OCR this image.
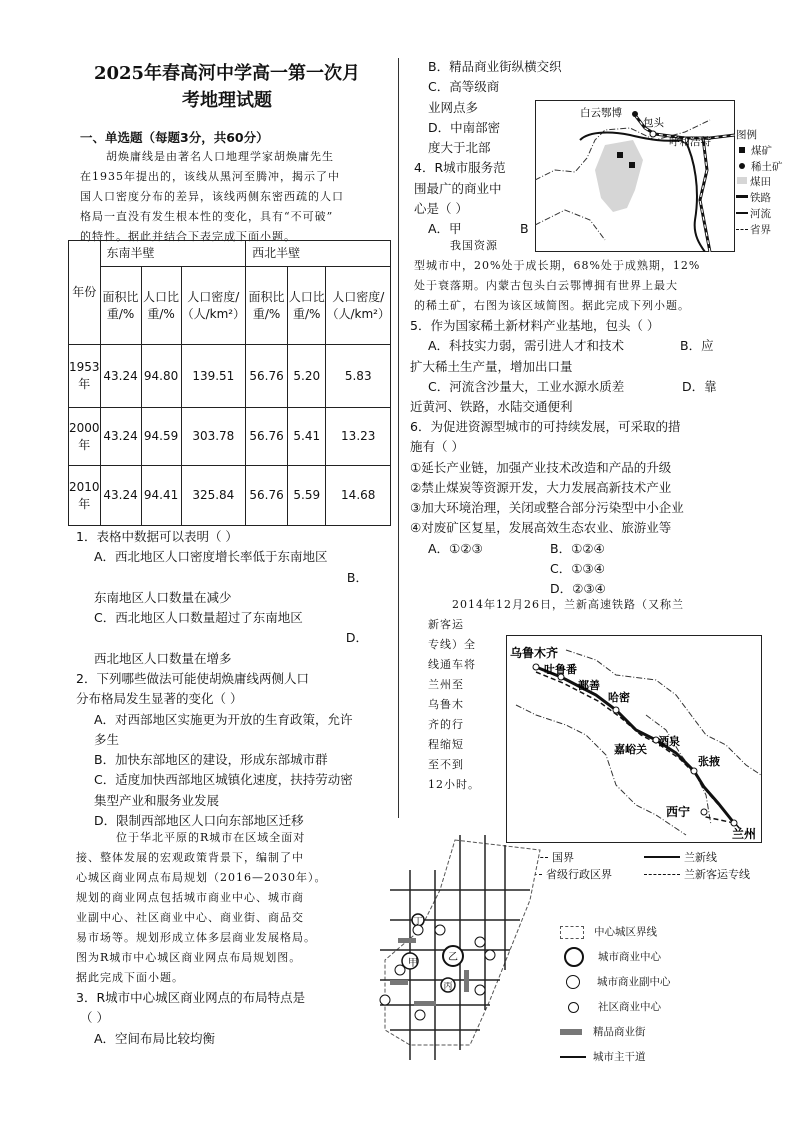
2025年春高河中学高一第一次月
考地理试题
一、单选题（每题3分，共60分）
胡焕庸线是由著名人口地理学家胡焕庸先生
在1935年提出的，该线从黑河至腾冲，揭示了中
国人口密度分布的差异，该线两侧东密西疏的人口
格局一直没有发生根本性的变化，具有“不可破”
的特性。据此并结合下表完成下面小题。
年份	东南半壁			西北半壁		
	面积比重/%	人口比重/%	人口密度/（人/km²）	面积比重/%	人口比重/%	人口密度/（人/km²）
1953年	43.24	94.80	139.51	56.76	5.20	5.83
2000年	43.24	94.59	303.78	56.76	5.41	13.23
2010年	43.24	94.41	325.84	56.76	5.59	14.68
1．表格中数据可以表明（ ）
A．西北地区人口密度增长率低于东南地区
B．
东南地区人口数量在减少
C．西北地区人口数量超过了东南地区
D．
西北地区人口数量在增多
2．下列哪些做法可能使胡焕庸线两侧人口
分布格局发生显著的变化（ ）
A．对西部地区实施更为开放的生育政策，允许
多生
B．加快东部地区的建设，形成东部城市群
C．适度加快西部地区城镇化速度，扶持劳动密
集型产业和服务业发展
D．限制西部地区人口向东部地区迁移
位于华北平原的R城市在区域全面对
接、整体发展的宏观政策背景下，编制了中
心城区商业网点布局规划（2016—2030年）。
规划的商业网点包括城市商业中心、城市商
业副中心、社区商业中心、商业街、商品交
易市场等。规划形成立体多层商业发展格局。
图为R城市中心城区商业网点布局规划图。
据此完成下面小题。
3．R城市中心城区商业网点的布局特点是
（ ）
A．空间布局比较均衡
B．精品商业街纵横交织
C．高等级商
业网点多
D．中南部密
度大于北部
4．R城市服务范
围最广的商业中
心是（ ）
A．甲	B
白云鄂博
包头
呼和浩特
图例
煤矿
稀土矿
煤田
铁路
河流
省界
我国资源
型城市中，20%处于成长期，68%处于成熟期，12%
处于衰落期。内蒙古包头白云鄂博拥有世界上最大
的稀土矿，右图为该区域简图。据此完成下列小题。
5．作为国家稀土新材料产业基地，包头（ ）
A．科技实力弱，需引进人才和技术	B．应
扩大稀土生产量，增加出口量
C．河流含沙量大，工业水源水质差	D．靠
近黄河、铁路，水陆交通便利
6．为促进资源型城市的可持续发展，可采取的措
施有（ ）
①延长产业链，加强产业技术改造和产品的升级
②禁止煤炭等资源开发，大力发展高新技术产业
③加大环境治理，关闭或整合部分污染型中小企业
④对废矿区复星，发展高效生态农业、旅游业等
A．①②③	B．①②④
C．①③④
D．②③④
2014年12月26日，兰新高速铁路（又称兰
新客运
专线）全
线通车将
兰州至
乌鲁木
齐的行
程缩短
至不到
12小时。
乌鲁木齐
吐鲁番
鄯善
哈密
酒泉
嘉峪关
张掖
西宁
兰州
国界	兰新线
省级行政区界	兰新客运专线
甲
乙
丙
丁
中心城区界线
城市商业中心
城市商业副中心
社区商业中心
精品商业街
城市主干道
